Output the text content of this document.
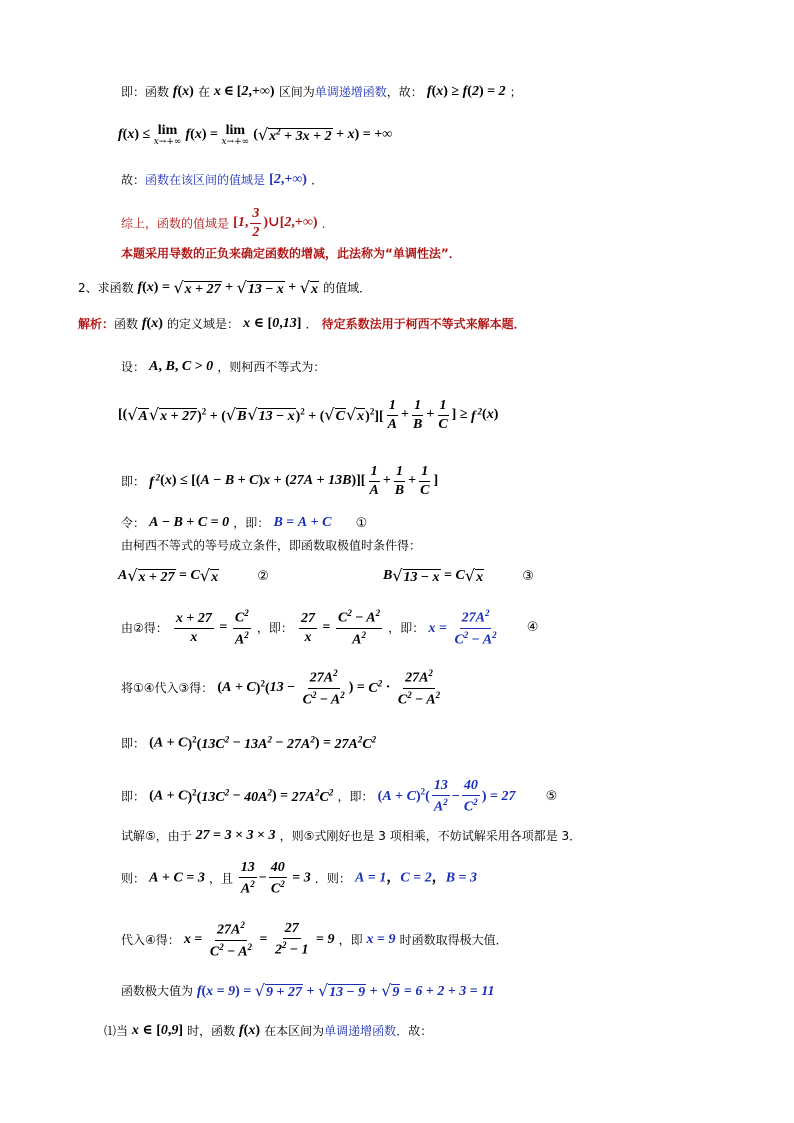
即：函数 f(x) 在 x ∈ [2,+∞) 区间为单调递增函数，故： f(x) ≥ f(2) = 2 ；
f(x) ≤ lim
x→+∞ f(x) = lim
x→+∞ $(√x^2 + 3x + 2 + x)$ = +∞
故：函数在该区间的值域是 [2,+∞) ．
综上，函数的值域是 [1, $\frac{3}{2}$ )∪[2,+∞) ．
本题采用导数的正负来确定函数的增减，此法称为“单调性法”．
2、求函数 f(x) = √x + 27 + √13 − x + √x 的值域．
解析：函数 f(x) 的定义域是： x ∈ [0,13] ． 待定系数法用于柯西不等式来解本题．
设： A, B, C > 0 ，则柯西不等式为：
$[(√A√x + 27)^2 + (√B√13 - x)^2 + (√C√x)^2][ \frac{1}{A} + \frac{1}{B} + \frac{1}{C}$ ] ≥ f $^2$(x)
即： f $^2(x) \le [(A - B + C)x + (27A + 13B)][ \frac{1}{A} + \frac{1}{B} + \frac{1}{C}$ ]
令： A − B + C = 0 ，即： B = A + C ①
由柯西不等式的等号成立条件，即函数取极值时条件得：
A√x + 27 = C√x	②	B√13 − x = C√x	③
由②得： $\frac{x + 27}{x} = \frac{C^2}{A^2}$ ，即： $\frac{27}{x} = \frac{C^2 - A^2}{A^2}$ ，即： $x = \frac{27A^2}{C^2 - A^2}$ ④
将①④代入③得： $(A + C)^2(13 - \frac{27A^2}{C^2 - A^2}$ ) = $C^2 \cdot \frac{27A^2}{C^2 - A^2}$
即： $(A + C)^2(13C^2 - 13A^2 - 27A^2) = 27A^2C^2$
即： $(A + C)^2(13C^2 - 40A^2) = 27A^2C^2$ ，即： $(A + C)^2( \frac{13}{A^2} - \frac{40}{C^2}$ ) = 27 ⑤
试解⑤，由于 27 = 3 × 3 × 3 ，则⑤式刚好也是 3 项相乘，不妨试解采用各项都是 3．
则： A + C = 3 ，且 $\frac{13}{A^2} - \frac{40}{C^2} = 3$ ．则： A = 1，C = 2，B = 3
代入④得： $x = \frac{27A^2}{C^2 - A^2} = \frac{27}{2^2 - 1} = 9$ ，即 x = 9 时函数取得极大值．
函数极大值为 f(x = 9) = √9 + 27 + √13 − 9 + √9 = 6 + 2 + 3 = 11
⑴当 x ∈ [0,9] 时，函数 f(x) 在本区间为单调递增函数．故：
